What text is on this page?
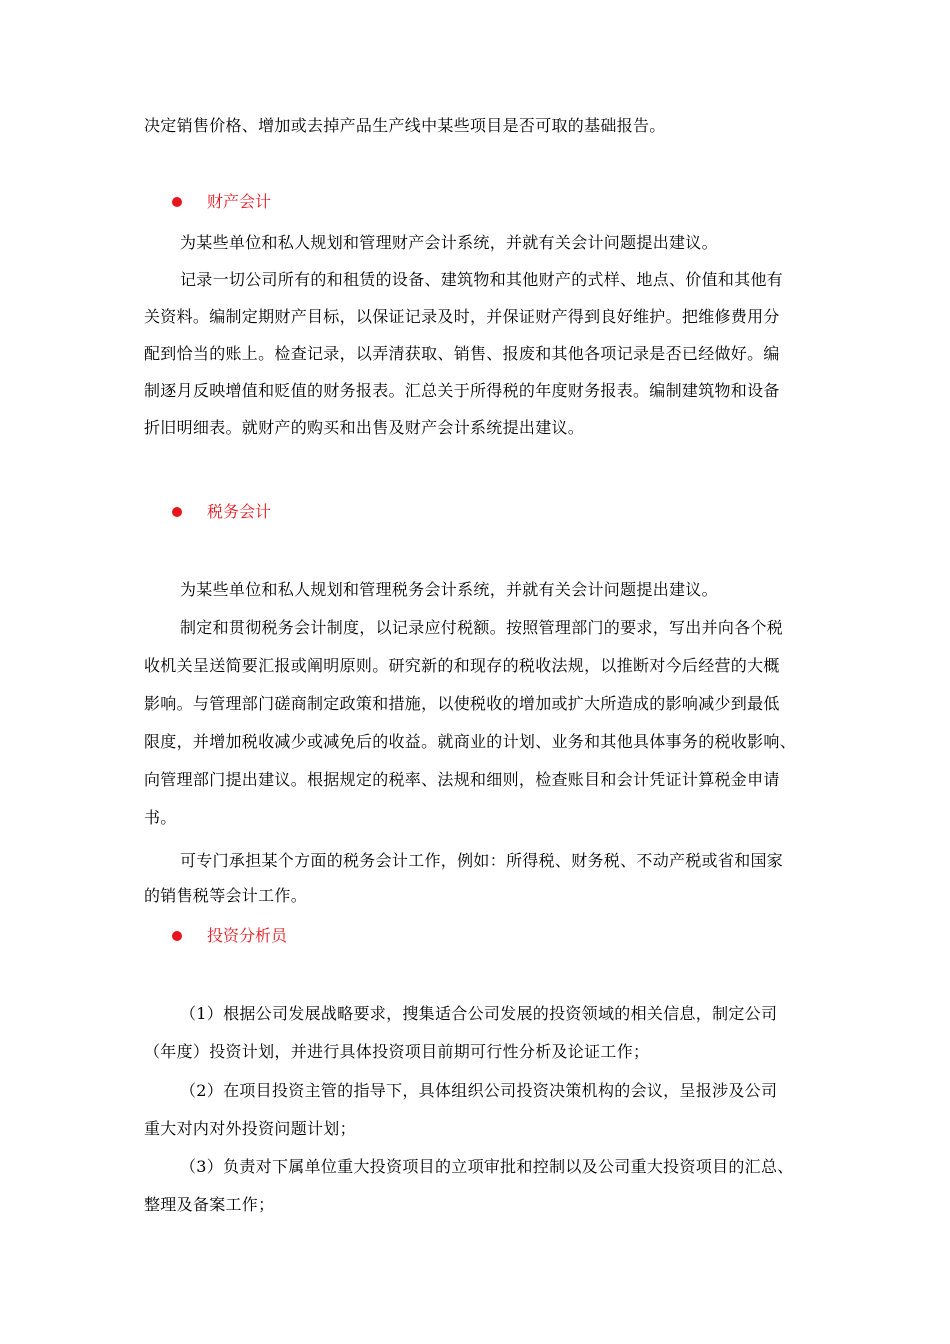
决定销售价格、增加或去掉产品生产线中某些项目是否可取的基础报告。
财产会计
为某些单位和私人规划和管理财产会计系统，并就有关会计问题提出建议。
记录一切公司所有的和租赁的设备、建筑物和其他财产的式样、地点、价值和其他有
关资料。编制定期财产目标，以保证记录及时，并保证财产得到良好维护。把维修费用分
配到恰当的账上。检查记录，以弄清获取、销售、报废和其他各项记录是否已经做好。编
制逐月反映增值和贬值的财务报表。汇总关于所得税的年度财务报表。编制建筑物和设备
折旧明细表。就财产的购买和出售及财产会计系统提出建议。
税务会计
为某些单位和私人规划和管理税务会计系统，并就有关会计问题提出建议。
制定和贯彻税务会计制度，以记录应付税额。按照管理部门的要求，写出并向各个税
收机关呈送简要汇报或阐明原则。研究新的和现存的税收法规，以推断对今后经营的大概
影响。与管理部门磋商制定政策和措施，以使税收的增加或扩大所造成的影响减少到最低
限度，并增加税收减少或减免后的收益。就商业的计划、业务和其他具体事务的税收影响、
向管理部门提出建议。根据规定的税率、法规和细则，检查账目和会计凭证计算税金申请
书。
可专门承担某个方面的税务会计工作，例如：所得税、财务税、不动产税或省和国家
的销售税等会计工作。
投资分析员
（1）根据公司发展战略要求，搜集适合公司发展的投资领域的相关信息，制定公司
（年度）投资计划，并进行具体投资项目前期可行性分析及论证工作；
（2）在项目投资主管的指导下，具体组织公司投资决策机构的会议，呈报涉及公司
重大对内对外投资问题计划；
（3）负责对下属单位重大投资项目的立项审批和控制以及公司重大投资项目的汇总、
整理及备案工作；
